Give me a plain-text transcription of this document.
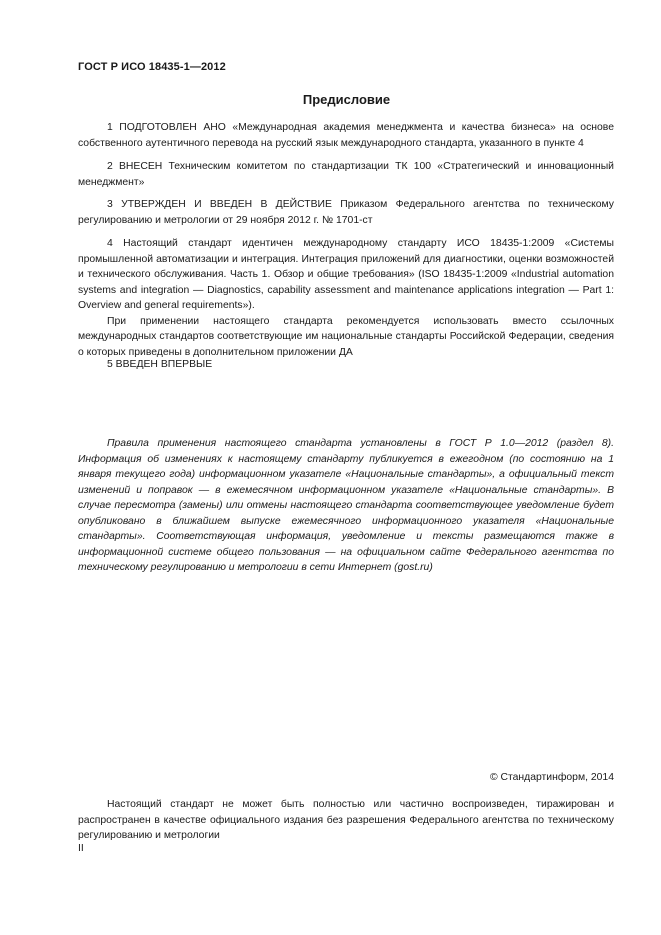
ГОСТ Р ИСО 18435-1—2012
Предисловие

1 ПОДГОТОВЛЕН АНО «Международная академия менеджмента и качества бизнеса» на основе собственного аутентичного перевода на русский язык международного стандарта, указанного в пункте 4

2 ВНЕСЕН Техническим комитетом по стандартизации ТК 100 «Стратегический и инновационный менеджмент»

3 УТВЕРЖДЕН И ВВЕДЕН В ДЕЙСТВИЕ Приказом Федерального агентства по техническому регулированию и метрологии от 29 ноября 2012 г. № 1701-ст

4 Настоящий стандарт идентичен международному стандарту ИСО 18435-1:2009 «Системы промышленной автоматизации и интеграция. Интеграция приложений для диагностики, оценки возможностей и технического обслуживания. Часть 1. Обзор и общие требования» (ISO 18435-1:2009 «Industrial automation systems and integration — Diagnostics, capability assessment and maintenance applications integration — Part 1: Overview and general requirements»).

При применении настоящего стандарта рекомендуется использовать вместо ссылочных международных стандартов соответствующие им национальные стандарты Российской Федерации, сведения о которых приведены в дополнительном приложении ДА

5 ВВЕДЕН ВПЕРВЫЕ

Правила применения настоящего стандарта установлены в ГОСТ Р 1.0—2012 (раздел 8). Информация об изменениях к настоящему стандарту публикуется в ежегодном (по состоянию на 1 января текущего года) информационном указателе «Национальные стандарты», а официальный текст изменений и поправок — в ежемесячном информационном указателе «Национальные стандарты». В случае пересмотра (замены) или отмены настоящего стандарта соответствующее уведомление будет опубликовано в ближайшем выпуске ежемесячного информационного указателя «Национальные стандарты». Соответствующая информация, уведомление и тексты размещаются также в информационной системе общего пользования — на официальном сайте Федерального агентства по техническому регулированию и метрологии в сети Интернет (gost.ru)

© Стандартинформ, 2014

Настоящий стандарт не может быть полностью или частично воспроизведен, тиражирован и распространен в качестве официального издания без разрешения Федерального агентства по техническому регулированию и метрологии

II
